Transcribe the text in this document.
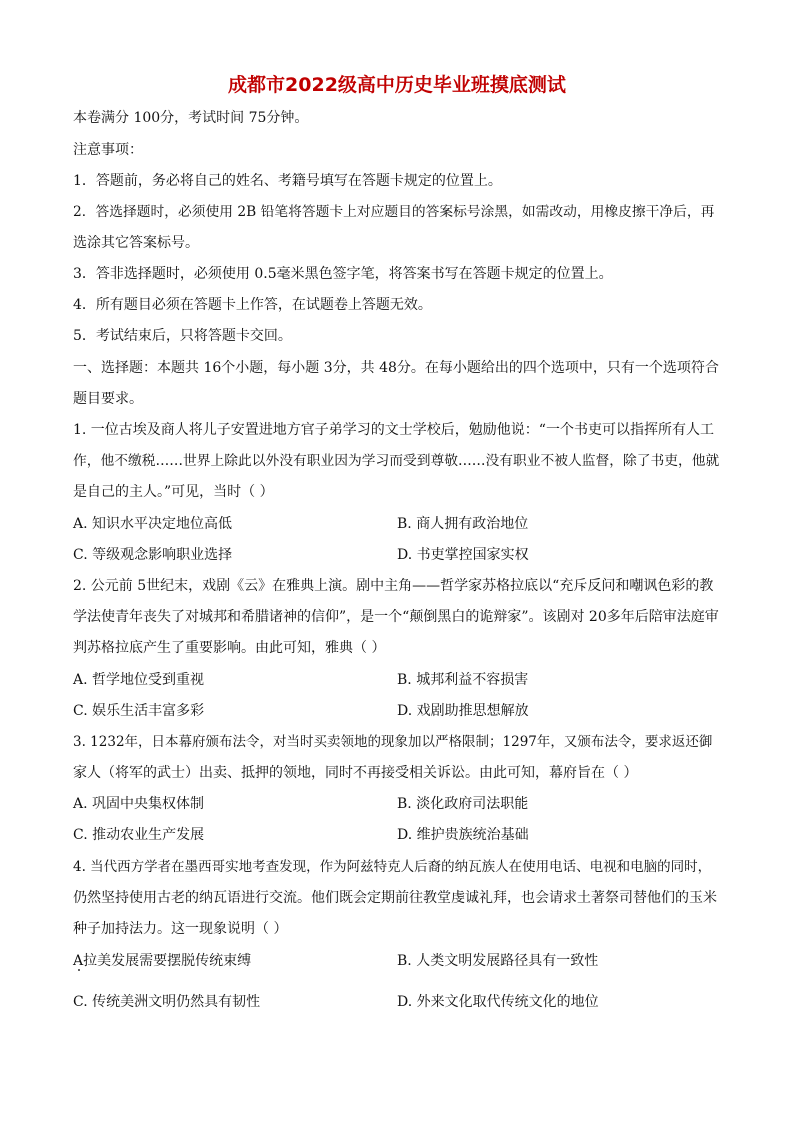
成都市2022级高中历史毕业班摸底测试
本卷满分 100分，考试时间 75分钟。
注意事项：
1．答题前，务必将自己的姓名、考籍号填写在答题卡规定的位置上。
2．答选择题时，必须使用 2B 铅笔将答题卡上对应题目的答案标号涂黑，如需改动，用橡皮擦干净后，再
选涂其它答案标号。
3．答非选择题时，必须使用 0.5毫米黑色签字笔，将答案书写在答题卡规定的位置上。
4．所有题目必须在答题卡上作答，在试题卷上答题无效。
5．考试结束后，只将答题卡交回。
一、选择题：本题共 16个小题，每小题 3分，共 48分。在每小题给出的四个选项中，只有一个选项符合
题目要求。
1. 一位古埃及商人将儿子安置进地方官子弟学习的文士学校后，勉励他说：“一个书吏可以指挥所有人工
作，他不缴税……世界上除此以外没有职业因为学习而受到尊敬……没有职业不被人监督，除了书吏，他就
是自己的主人。”可见，当时（ ）
A. 知识水平决定地位高低	B. 商人拥有政治地位
C. 等级观念影响职业选择	D. 书吏掌控国家实权
2. 公元前 5世纪末，戏剧《云》在雅典上演。剧中主角——哲学家苏格拉底以“充斥反问和嘲讽色彩的教
学法使青年丧失了对城邦和希腊诸神的信仰”，是一个“颠倒黑白的诡辩家”。该剧对 20多年后陪审法庭审
判苏格拉底产生了重要影响。由此可知，雅典（ ）
A. 哲学地位受到重视	B. 城邦利益不容损害
C. 娱乐生活丰富多彩	D. 戏剧助推思想解放
3. 1232年，日本幕府颁布法令，对当时买卖领地的现象加以严格限制；1297年，又颁布法令，要求返还御
家人（将军的武士）出卖、抵押的领地，同时不再接受相关诉讼。由此可知，幕府旨在（ ）
A. 巩固中央集权体制	B. 淡化政府司法职能
C. 推动农业生产发展	D. 维护贵族统治基础
4. 当代西方学者在墨西哥实地考查发现，作为阿兹特克人后裔的纳瓦族人在使用电话、电视和电脑的同时，
仍然坚持使用古老的纳瓦语进行交流。他们既会定期前往教堂虔诚礼拜，也会请求土著祭司替他们的玉米
种子加持法力。这一现象说明（ ）
A拉美发展需要摆脱传统束缚	B. 人类文明发展路径具有一致性
C. 传统美洲文明仍然具有韧性	D. 外来文化取代传统文化的地位
